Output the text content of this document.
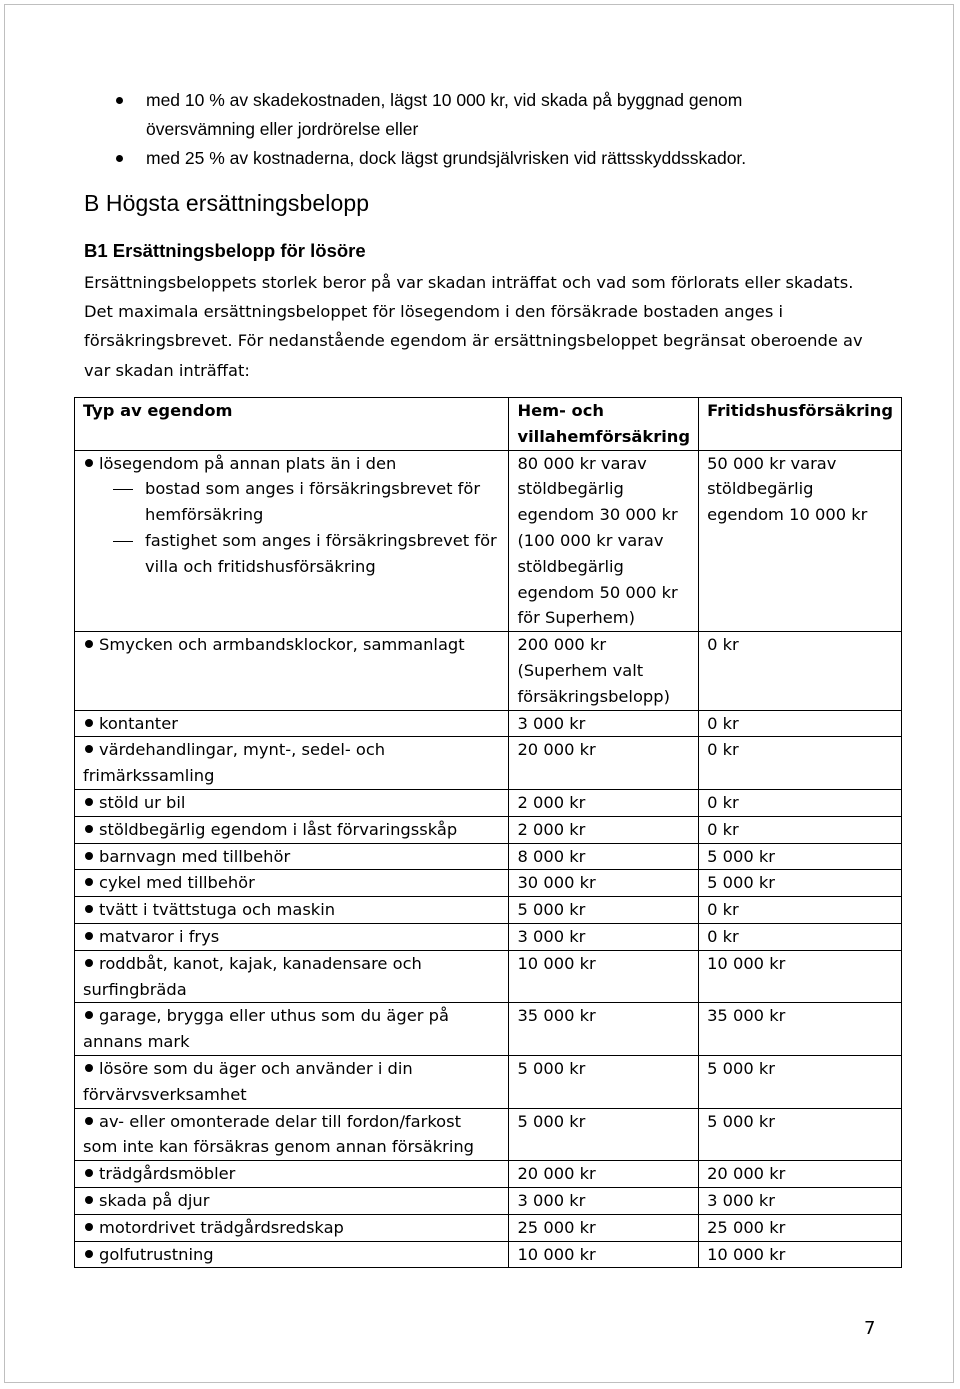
med 10 % av skadekostnaden, lägst 10 000 kr, vid skada på byggnad genom översvämning eller jordrörelse eller
med 25 % av kostnaderna, dock lägst grundsjälvrisken vid rättsskyddsskador.
B Högsta ersättningsbelopp
B1 Ersättningsbelopp för lösöre

Ersättningsbeloppets storlek beror på var skadan inträffat och vad som förlorats eller skadats. Det maximala ersättningsbeloppet för lösegendom i den försäkrade bostaden anges i försäkringsbrevet. För nedanstående egendom är ersättningsbeloppet begränsat oberoende av var skadan inträffat:

Typ av egendom	Hem- och villahemförsäkring	Fritidshusförsäkring

lösegendom på annan plats än i den
bostad som anges i försäkringsbrevet för hemförsäkring
fastighet som anges i försäkringsbrevet för villa och fritidshusförsäkring	80 000 kr varav stöldbegärlig egendom 30 000 kr (100 000 kr varav stöldbegärlig egendom 50 000 kr för Superhem)	50 000 kr varav stöldbegärlig egendom 10 000 kr
Smycken och armbandsklockor, sammanlagt	200 000 kr (Superhem valt försäkringsbelopp)	0 kr
kontanter	3 000 kr	0 kr
värdehandlingar, mynt-, sedel- och frimärkssamling	20 000 kr	0 kr
stöld ur bil	2 000 kr	0 kr
stöldbegärlig egendom i låst förvaringsskåp	2 000 kr	0 kr
barnvagn med tillbehör	8 000 kr	5 000 kr
cykel med tillbehör	30 000 kr	5 000 kr
tvätt i tvättstuga och maskin	5 000 kr	0 kr
matvaror i frys	3 000 kr	0 kr
roddbåt, kanot, kajak, kanadensare och surfingbräda	10 000 kr	10 000 kr
garage, brygga eller uthus som du äger på annans mark	35 000 kr	35 000 kr
lösöre som du äger och använder i din förvärvsverksamhet	5 000 kr	5 000 kr
av- eller omonterade delar till fordon/farkost som inte kan försäkras genom annan försäkring	5 000 kr	5 000 kr
trädgårdsmöbler	20 000 kr	20 000 kr
skada på djur	3 000 kr	3 000 kr
motordrivet trädgårdsredskap	25 000 kr	25 000 kr
golfutrustning	10 000 kr	10 000 kr
7
